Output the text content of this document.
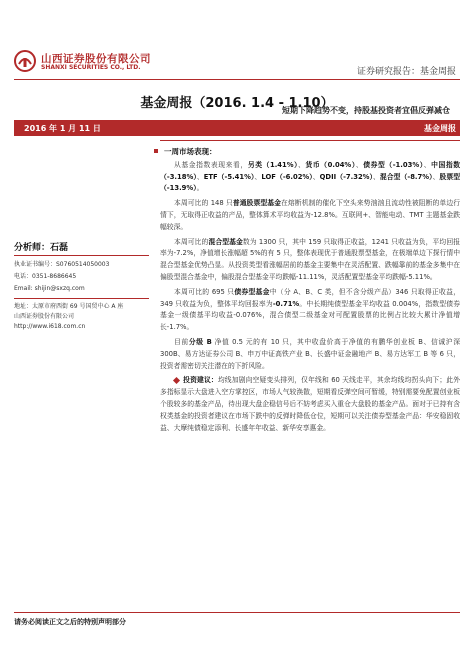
山西证券股份有限公司
SHANXI SECURITIES CO., LTD.	证券研究报告：基金周报
基金周报（2016. 1.4 - 1.10）
短期下降趋势不变，持股基投资者宜倡反弹减仓
2016 年 1 月 11 日	基金周报
分析师：石磊
执业证书编号：S0760514050003
电话：0351-8686645
Email: shijin@sxzq.com
地址：太原市府西街 69 号国贸中心 A 座
山西证券股份有限公司
http://www.i618.com.cn
一周市场表现：

从基金指数表现来看，另类（1.41%）、货币（0.04%）、债券型（-1.03%）、中国指数（-3.18%）、ETF（-5.41%）、LOF（-6.02%）、QDII（-7.32%）、混合型（-8.7%）、股票型（-13.9%）。

本周可比的 148 只普通股票型基金在熔断机制的催化下空头来势汹汹且流动性被阻断的单边行情下，无取得正收益的产品，整体算术平均收益为-12.8%。互联网+、智能电动、TMT 主题基金跌幅较深。

本周可比的混合型基金数为 1300 只，其中 159 只取得正收益，1241 只收益为负，平均回报率为-7.2%，净值增长涨幅超 5%的有 5 只，整体表现优于普通股票型基金，在极端单边下探行情中混合型基金优势凸显。从投资类型看涨幅居前的基金主要集中在灵活配置、跌幅靠前的基金多集中在偏股型混合基金中，偏股混合型基金平均跌幅-11.11%，灵活配置型基金平均跌幅-5.11%。

本周可比的 695 只债券型基金中（分 A、B、C 类，但不含分级产品）346 只取得正收益，349 只收益为负，整体平均回报率为-0.71%。中长期纯债型基金平均收益 0.004%，指数型债券基金一级债基平均收益-0.076%，混合债型二级基金对可配置股票的比例占比较大累计净值增长-1.7%。

目前分级 B 净值 0.5 元的有 10 只，其中收盘价高于净值的有鹏华创业板 B、信诚沪深 300B、易方达证券公司 B、申万中证高铁产业 B、长盛中证金融地产 B、易方达军工 B 等 6 只，投资者需密切关注潜在的下折风险。

投资建议：均线加剧向空疑变头排列，仅年线和 60 天线走平，其余均线均拐头向下；此外多指标显示大盘进入空方掌控区，市场人气较涣散，短期看反弹空间可暂缓，特别需要免配置创业板个股较多的基金产品，待出现大盘企稳信号后不妨考虑买入重仓大盘股的基金产品。面对于已持有含权类基金的投资者建议在市场下跌中的反弹时降低仓位，短期可以关注债券型基金产品：华安稳固收益、大摩纯债稳定添利、长盛年年收益、新华安享惠金。

请务必阅读正文之后的特别声明部分
